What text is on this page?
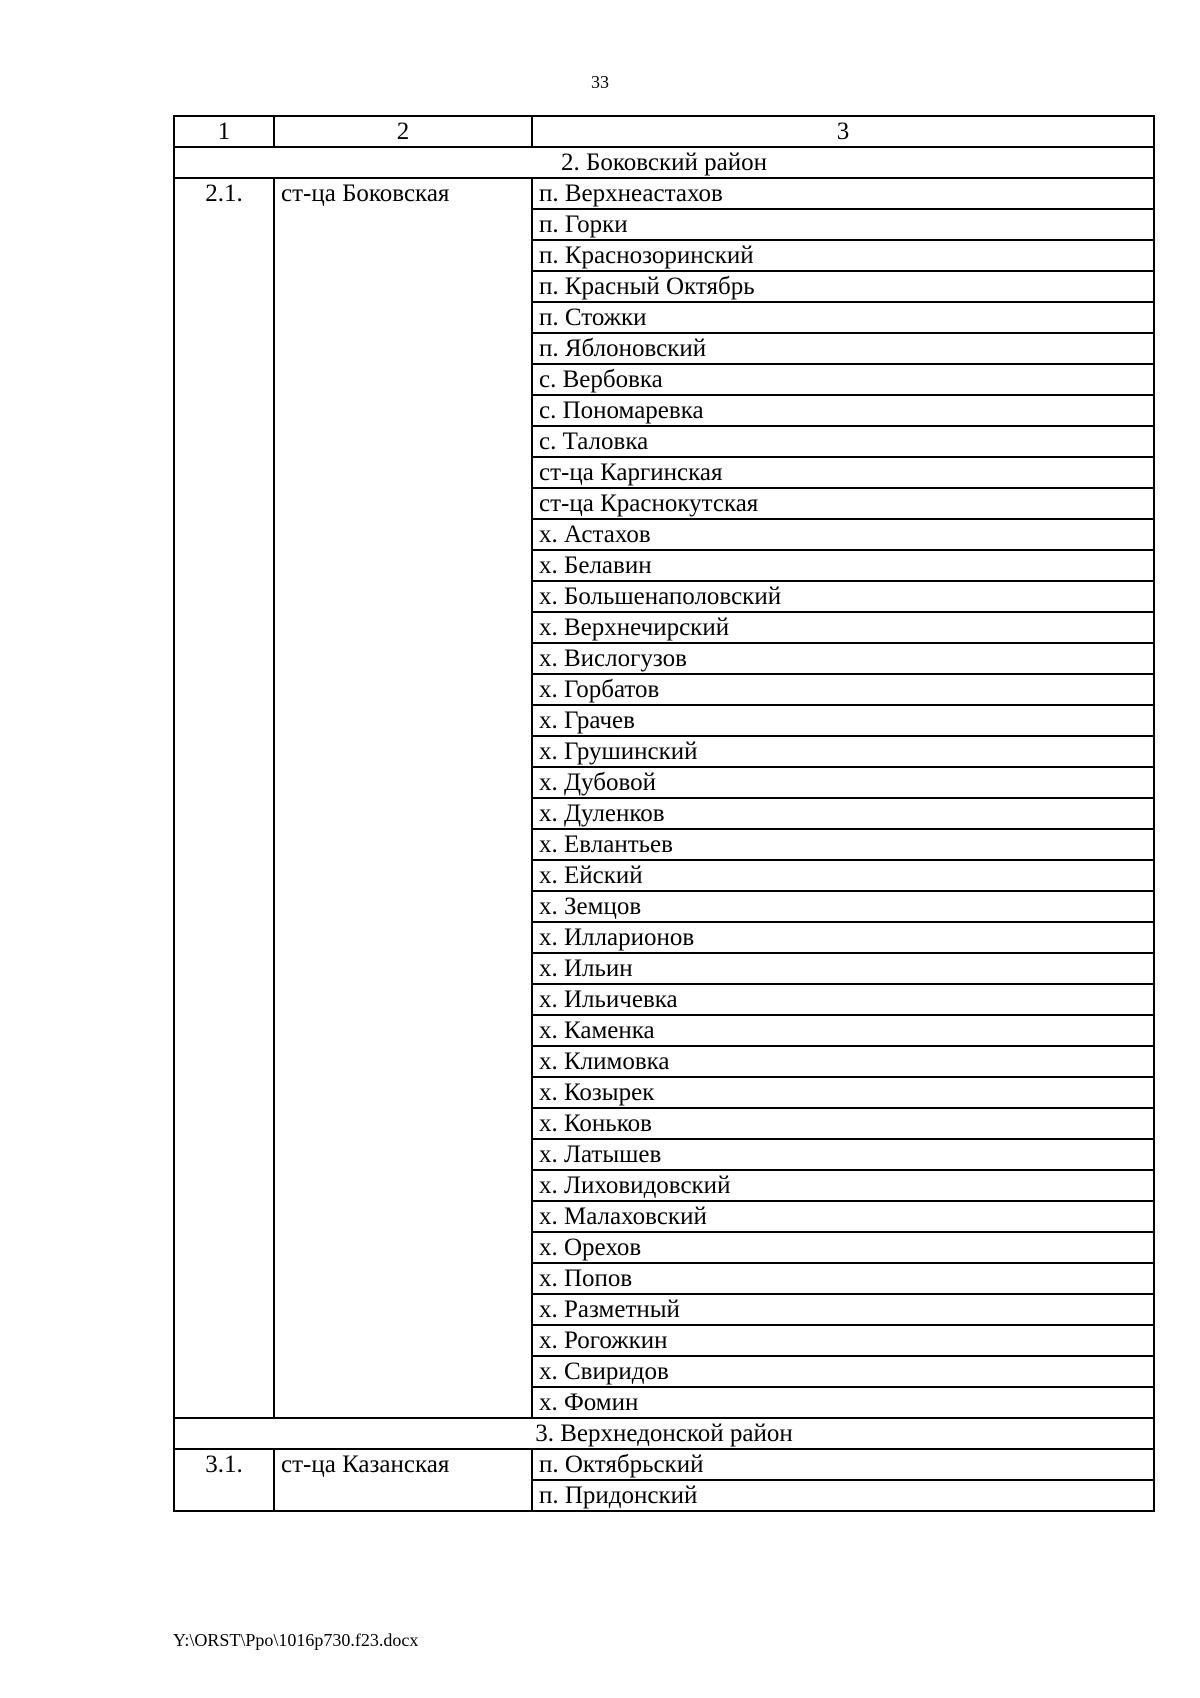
33
1	2	3
2. Боковский район		
2.1.	ст-ца Боковская	п. Верхнеастахов
		п. Горки
		п. Краснозоринский
		п. Красный Октябрь
		п. Стожки
		п. Яблоновский
		с. Вербовка
		с. Пономаревка
		с. Таловка
		ст-ца Каргинская
		ст-ца Краснокутская
		х. Астахов
		х. Белавин
		х. Большенаполовский
		х. Верхнечирский
		х. Вислогузов
		х. Горбатов
		х. Грачев
		х. Грушинский
		х. Дубовой
		х. Дуленков
		х. Евлантьев
		х. Ейский
		х. Земцов
		х. Илларионов
		х. Ильин
		х. Ильичевка
		х. Каменка
		х. Климовка
		х. Козырек
		х. Коньков
		х. Латышев
		х. Лиховидовский
		х. Малаховский
		х. Орехов
		х. Попов
		х. Разметный
		х. Рогожкин
		х. Свиридов
		х. Фомин
3. Верхнедонской район		
3.1.	ст-ца Казанская	п. Октябрьский
		п. Придонский
Y:\ORST\Ppo\1016p730.f23.docx
